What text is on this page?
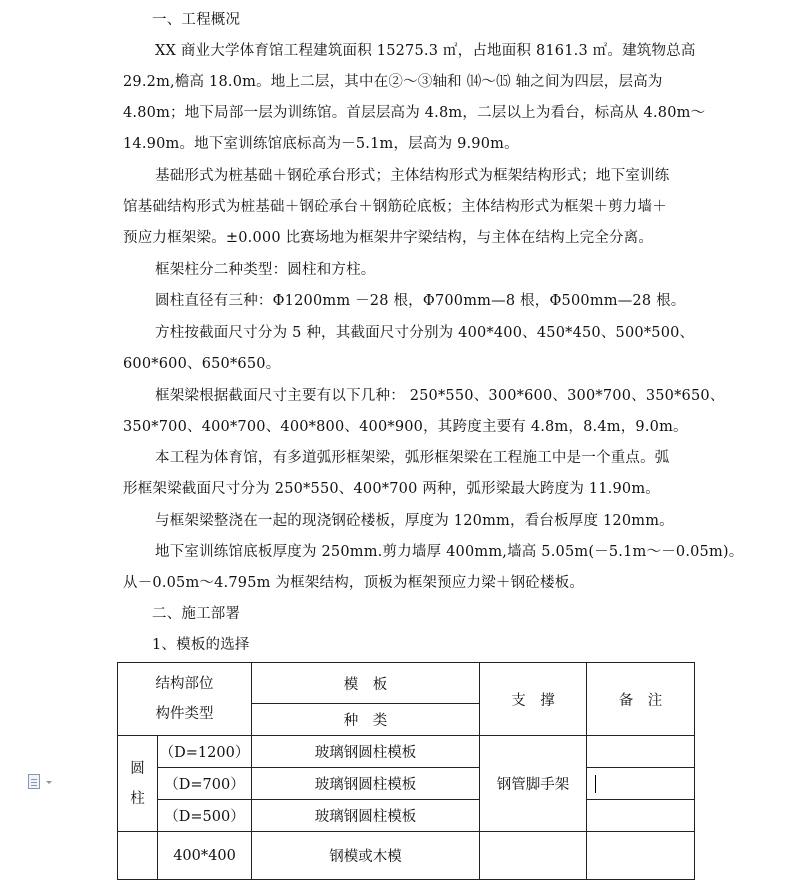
一、工程概况
XX 商业大学体育馆工程建筑面积 15275.3 ㎡，占地面积 8161.3 ㎡。建筑物总高
29.2m,檐高 18.0m。地上二层，其中在②～③轴和 ⒁～⒂ 轴之间为四层，层高为
4.80m；地下局部一层为训练馆。首层层高为 4.8m，二层以上为看台，标高从 4.80m～
14.90m。地下室训练馆底标高为－5.1m，层高为 9.90m。
基础形式为桩基础＋钢砼承台形式；主体结构形式为框架结构形式；地下室训练
馆基础结构形式为桩基础＋钢砼承台＋钢筋砼底板；主体结构形式为框架＋剪力墙＋
预应力框架梁。±0.000 比赛场地为框架井字梁结构，与主体在结构上完全分离。
框架柱分二种类型：圆柱和方柱。
圆柱直径有三种：Φ1200mm －28 根，Φ700mm—8 根，Φ500mm—28 根。
方柱按截面尺寸分为 5 种，其截面尺寸分别为 400*400、450*450、500*500、
600*600、650*650。
框架梁根据截面尺寸主要有以下几种： 250*550、300*600、300*700、350*650、
350*700、400*700、400*800、400*900，其跨度主要有 4.8m，8.4m，9.0m。
本工程为体育馆，有多道弧形框架梁，弧形框架梁在工程施工中是一个重点。弧
形框架梁截面尺寸分为 250*550、400*700 两种，弧形梁最大跨度为 11.90m。
与框架梁整浇在一起的现浇钢砼楼板，厚度为 120mm，看台板厚度 120mm。
地下室训练馆底板厚度为 250mm.剪力墙厚 400mm,墙高 5.05m(－5.1m～－0.05m)。
从－0.05m～4.795m 为框架结构，顶板为框架预应力梁＋钢砼楼板。
二、施工部署
1、模板的选择
结构部位
构件类型		模　板	支　撑	备　注
		种　类		

圆
柱	（D=1200）	玻璃钢圆柱模板	钢管脚手架	
	（D=700）	玻璃钢圆柱模板		
	（D=500）	玻璃钢圆柱模板		
	400*400	钢模或木模		
